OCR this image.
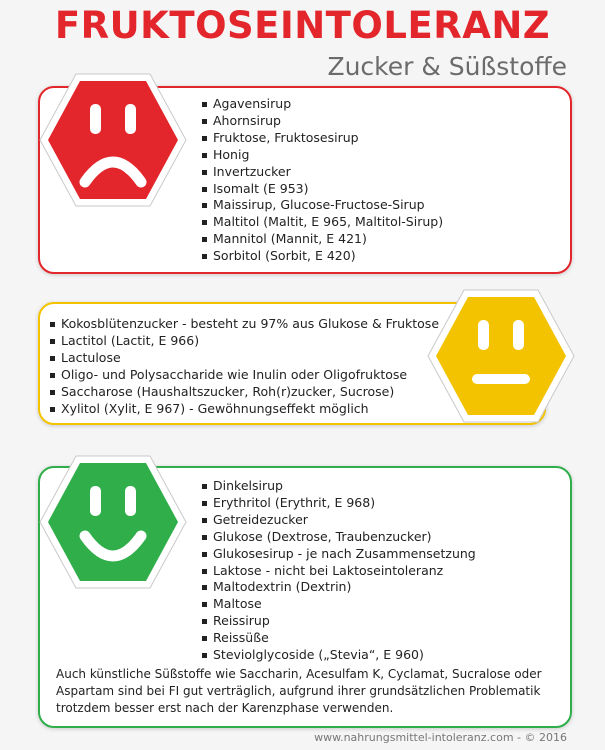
FRUKTOSEINTOLERANZ
Zucker & Süßstoffe
Agavensirup
Ahornsirup
Fruktose, Fruktosesirup
Honig
Invertzucker
Isomalt (E 953)
Maissirup, Glucose-Fructose-Sirup
Maltitol (Maltit, E 965, Maltitol-Sirup)
Mannitol (Mannit, E 421)
Sorbitol (Sorbit, E 420)
Kokosblütenzucker - besteht zu 97% aus Glukose & Fruktose
Lactitol (Lactit, E 966)
Lactulose
Oligo- und Polysaccharide wie Inulin oder Oligofruktose
Saccharose (Haushaltszucker, Roh(r)zucker, Sucrose)
Xylitol (Xylit, E 967) - Gewöhnungseffekt möglich
Dinkelsirup
Erythritol (Erythrit, E 968)
Getreidezucker
Glukose (Dextrose, Traubenzucker)
Glukosesirup - je nach Zusammensetzung
Laktose - nicht bei Laktoseintoleranz
Maltodextrin (Dextrin)
Maltose
Reissirup
Reissüße
Steviolglycoside („Stevia“, E 960)
Auch künstliche Süßstoffe wie Saccharin, Acesulfam K, Cyclamat, Sucralose oder Aspartam sind bei FI gut verträglich, aufgrund ihrer grundsätzlichen Problematik trotzdem besser erst nach der Karenzphase verwenden.
www.nahrungsmittel-intoleranz.com - © 2016
